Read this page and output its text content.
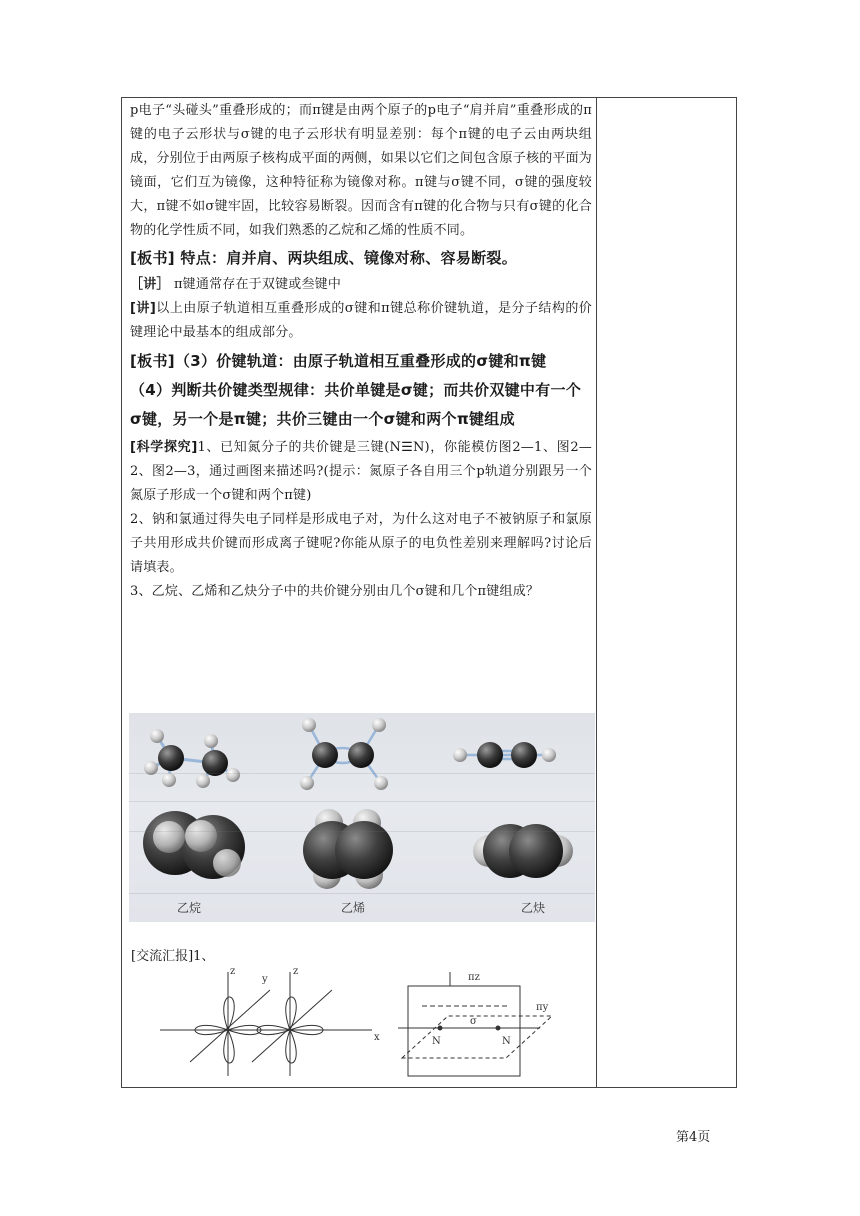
p电子“头碰头”重叠形成的；而π键是由两个原子的p电子“肩并肩”重叠形成的π键的电子云形状与σ键的电子云形状有明显差别：每个π键的电子云由两块组成，分别位于由两原子核构成平面的两侧，如果以它们之间包含原子核的平面为镜面，它们互为镜像，这种特征称为镜像对称。π键与σ键不同，σ键的强度较大，π键不如σ键牢固，比较容易断裂。因而含有π键的化合物与只有σ键的化合物的化学性质不同，如我们熟悉的乙烷和乙烯的性质不同。

[板书] 特点：肩并肩、两块组成、镜像对称、容易断裂。

［讲］ π键通常存在于双键或叁键中

[讲]以上由原子轨道相互重叠形成的σ键和π键总称价键轨道，是分子结构的价键理论中最基本的组成部分。

[板书]（3）价键轨道：由原子轨道相互重叠形成的σ键和π键

（4）判断共价键类型规律：共价单键是σ键；而共价双键中有一个σ键，另一个是π键；共价三键由一个σ键和两个π键组成

[科学探究]1、已知氮分子的共价键是三键(N☰N)，你能模仿图2—1、图2—2、图2—3，通过画图来描述吗?(提示：氮原子各自用三个p轨道分别跟另一个氮原子形成一个σ键和两个π键)

2、钠和氯通过得失电子同样是形成电子对，为什么这对电子不被钠原子和氯原子共用形成共价键而形成离子键呢?你能从原子的电负性差别来理解吗?讨论后请填表。

3、乙烷、乙烯和乙炔分子中的共价键分别由几个σ键和几个π键组成？

乙烷	乙烯	乙炔
[交流汇报]1、
z
y
z
x
πz
πy
σ
N	N
第4页
